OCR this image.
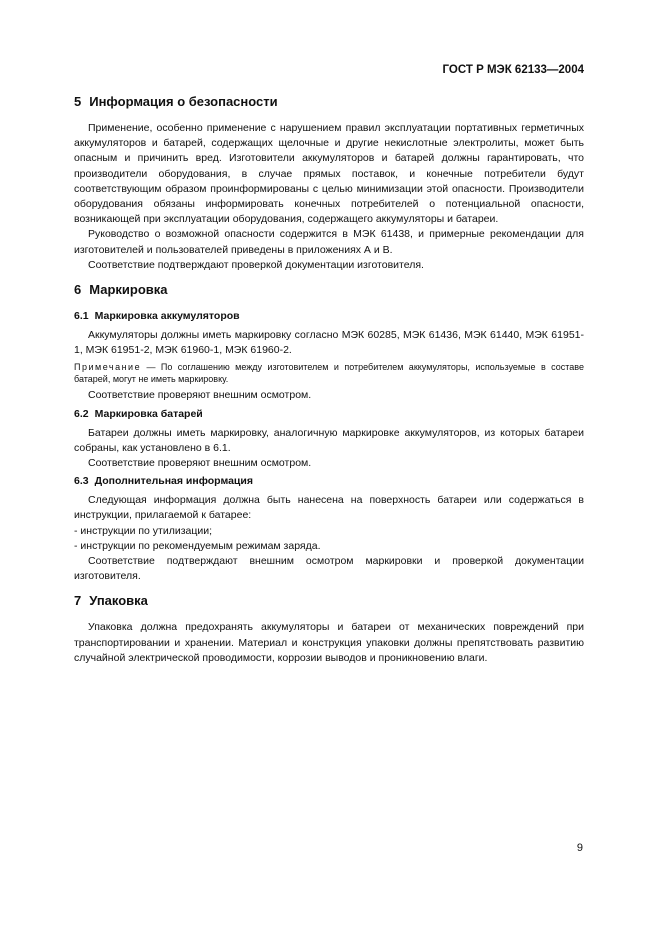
ГОСТ Р МЭК 62133—2004
5 Информация о безопасности

Применение, особенно применение с нарушением правил эксплуатации портативных герметичных аккумуляторов и батарей, содержащих щелочные и другие некислотные электролиты, может быть опасным и причинить вред. Изготовители аккумуляторов и батарей должны гарантировать, что производители оборудования, в случае прямых поставок, и конечные потребители будут соответствующим образом проинформированы с целью минимизации этой опасности. Производители оборудования обязаны информировать конечных потребителей о потенциальной опасности, возникающей при эксплуатации оборудования, содержащего аккумуляторы и батареи.

Руководство о возможной опасности содержится в МЭК 61438, и примерные рекомендации для изготовителей и пользователей приведены в приложениях А и В.

Соответствие подтверждают проверкой документации изготовителя.

6 Маркировка
6.1 Маркировка аккумуляторов

Аккумуляторы должны иметь маркировку согласно МЭК 60285, МЭК 61436, МЭК 61440, МЭК 61951-1, МЭК 61951-2, МЭК 61960-1, МЭК 61960-2.

Примечание — По соглашению между изготовителем и потребителем аккумуляторы, используемые в составе батарей, могут не иметь маркировку.

Соответствие проверяют внешним осмотром.

6.2 Маркировка батарей

Батареи должны иметь маркировку, аналогичную маркировке аккумуляторов, из которых батареи собраны, как установлено в 6.1.

Соответствие проверяют внешним осмотром.

6.3 Дополнительная информация

Следующая информация должна быть нанесена на поверхность батареи или содержаться в инструкции, прилагаемой к батарее:

- инструкции по утилизации;

- инструкции по рекомендуемым режимам заряда.

Соответствие подтверждают внешним осмотром маркировки и проверкой документации изготовителя.

7 Упаковка

Упаковка должна предохранять аккумуляторы и батареи от механических повреждений при транспортировании и хранении. Материал и конструкция упаковки должны препятствовать развитию случайной электрической проводимости, коррозии выводов и проникновению влаги.

9
